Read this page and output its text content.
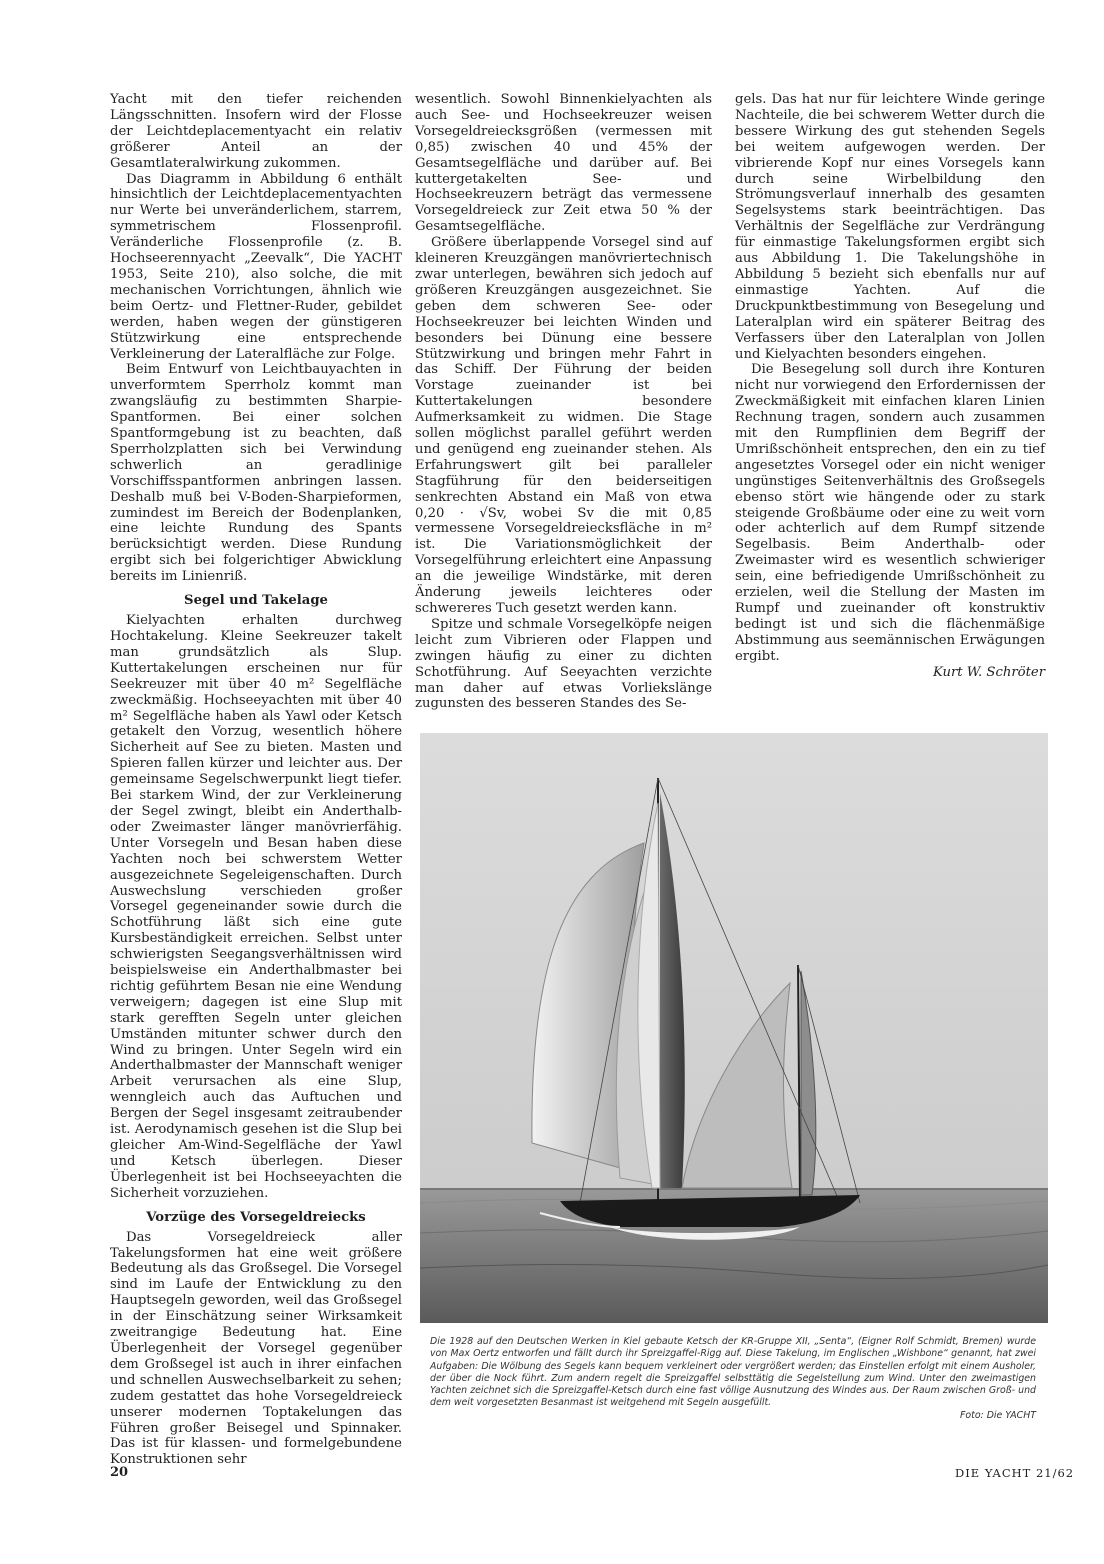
Yacht mit den tiefer reichenden Längsschnitten. Insofern wird der Flosse der Leichtdeplacementyacht ein relativ größerer Anteil an der Gesamtlateralwirkung zukommen.

Das Diagramm in Abbildung 6 enthält hinsichtlich der Leichtdeplacementyachten nur Werte bei unveränderlichem, starrem, symmetrischem Flossenprofil. Veränderliche Flossenprofile (z. B. Hochseerennyacht „Zeevalk“, Die YACHT 1953, Seite 210), also solche, die mit mechanischen Vorrichtungen, ähnlich wie beim Oertz- und Flettner-Ruder, gebildet werden, haben wegen der günstigeren Stützwirkung eine entsprechende Verkleinerung der Lateralfläche zur Folge.

Beim Entwurf von Leichtbauyachten in unverformtem Sperrholz kommt man zwangsläufig zu bestimmten Sharpie-Spantformen. Bei einer solchen Spantformgebung ist zu beachten, daß Sperrholzplatten sich bei Verwindung schwerlich an geradlinige Vorschiffsspantformen anbringen lassen. Deshalb muß bei V-Boden-Sharpieformen, zumindest im Bereich der Bodenplanken, eine leichte Rundung des Spants berücksichtigt werden. Diese Rundung ergibt sich bei folgerichtiger Abwicklung bereits im Linienriß.

Segel und Takelage

Kielyachten erhalten durchweg Hochtakelung. Kleine Seekreuzer takelt man grundsätzlich als Slup. Kuttertakelungen erscheinen nur für Seekreuzer mit über 40 m² Segelfläche zweckmäßig. Hochseeyachten mit über 40 m² Segelfläche haben als Yawl oder Ketsch getakelt den Vorzug, wesentlich höhere Sicherheit auf See zu bieten. Masten und Spieren fallen kürzer und leichter aus. Der gemeinsame Segelschwerpunkt liegt tiefer. Bei starkem Wind, der zur Verkleinerung der Segel zwingt, bleibt ein Anderthalb- oder Zweimaster länger manövrierfähig. Unter Vorsegeln und Besan haben diese Yachten noch bei schwerstem Wetter ausgezeichnete Segeleigenschaften. Durch Auswechslung verschieden großer Vorsegel gegeneinander sowie durch die Schotführung läßt sich eine gute Kursbeständigkeit erreichen. Selbst unter schwierigsten Seegangsverhältnissen wird beispielsweise ein Anderthalbmaster bei richtig geführtem Besan nie eine Wendung verweigern; dagegen ist eine Slup mit stark gerefften Segeln unter gleichen Umständen mitunter schwer durch den Wind zu bringen. Unter Segeln wird ein Anderthalbmaster der Mannschaft weniger Arbeit verursachen als eine Slup, wenngleich auch das Auftuchen und Bergen der Segel insgesamt zeitraubender ist. Aerodynamisch gesehen ist die Slup bei gleicher Am-Wind-Segelfläche der Yawl und Ketsch überlegen. Dieser Überlegenheit ist bei Hochseeyachten die Sicherheit vorzuziehen.

Vorzüge des Vorsegeldreiecks

Das Vorsegeldreieck aller Takelungsformen hat eine weit größere Bedeutung als das Großsegel. Die Vorsegel sind im Laufe der Entwicklung zu den Hauptsegeln geworden, weil das Großsegel in der Einschätzung seiner Wirksamkeit zweitrangige Bedeutung hat. Eine Überlegenheit der Vorsegel gegenüber dem Großsegel ist auch in ihrer einfachen und schnellen Auswechselbarkeit zu sehen; zudem gestattet das hohe Vorsegeldreieck unserer modernen Toptakelungen das Führen großer Beisegel und Spinnaker. Das ist für klassen- und formelgebundene Konstruktionen sehr

wesentlich. Sowohl Binnenkielyachten als auch See- und Hochseekreuzer weisen Vorsegeldreiecksgrößen (vermessen mit 0,85) zwischen 40 und 45% der Gesamtsegelfläche und darüber auf. Bei kuttergetakelten See- und Hochseekreuzern beträgt das vermessene Vorsegeldreieck zur Zeit etwa 50 % der Gesamtsegelfläche.

Größere überlappende Vorsegel sind auf kleineren Kreuzgängen manövriertechnisch zwar unterlegen, bewähren sich jedoch auf größeren Kreuzgängen ausgezeichnet. Sie geben dem schweren See- oder Hochseekreuzer bei leichten Winden und besonders bei Dünung eine bessere Stützwirkung und bringen mehr Fahrt in das Schiff. Der Führung der beiden Vorstage zueinander ist bei Kuttertakelungen besondere Aufmerksamkeit zu widmen. Die Stage sollen möglichst parallel geführt werden und genügend eng zueinander stehen. Als Erfahrungswert gilt bei paralleler Stagführung für den beiderseitigen senkrechten Abstand ein Maß von etwa 0,20 · √Sv, wobei Sv die mit 0,85 vermessene Vorsegeldreiecksfläche in m² ist. Die Variationsmöglichkeit der Vorsegelführung erleichtert eine Anpassung an die jeweilige Windstärke, mit deren Änderung jeweils leichteres oder schwereres Tuch gesetzt werden kann.

Spitze und schmale Vorsegelköpfe neigen leicht zum Vibrieren oder Flappen und zwingen häufig zu einer zu dichten Schotführung. Auf Seeyachten verzichte man daher auf etwas Vorliekslänge zugunsten des besseren Standes des Se-

gels. Das hat nur für leichtere Winde geringe Nachteile, die bei schwerem Wetter durch die bessere Wirkung des gut stehenden Segels bei weitem aufgewogen werden. Der vibrierende Kopf nur eines Vorsegels kann durch seine Wirbelbildung den Strömungsverlauf innerhalb des gesamten Segelsystems stark beeinträchtigen. Das Verhältnis der Segelfläche zur Verdrängung für einmastige Takelungsformen ergibt sich aus Abbildung 1. Die Takelungshöhe in Abbildung 5 bezieht sich ebenfalls nur auf einmastige Yachten. Auf die Druckpunktbestimmung von Besegelung und Lateralplan wird ein späterer Beitrag des Verfassers über den Lateralplan von Jollen und Kielyachten besonders eingehen.

Die Besegelung soll durch ihre Konturen nicht nur vorwiegend den Erfordernissen der Zweckmäßigkeit mit einfachen klaren Linien Rechnung tragen, sondern auch zusammen mit den Rumpflinien dem Begriff der Umrißschönheit entsprechen, den ein zu tief angesetztes Vorsegel oder ein nicht weniger ungünstiges Seitenverhältnis des Großsegels ebenso stört wie hängende oder zu stark steigende Großbäume oder eine zu weit vorn oder achterlich auf dem Rumpf sitzende Segelbasis. Beim Anderthalb- oder Zweimaster wird es wesentlich schwieriger sein, eine befriedigende Umrißschönheit zu erzielen, weil die Stellung der Masten im Rumpf und zueinander oft konstruktiv bedingt ist und sich die flächenmäßige Abstimmung aus seemännischen Erwägungen ergibt.

Kurt W. Schröter
Die 1928 auf den Deutschen Werken in Kiel gebaute Ketsch der KR-Gruppe XII, „Senta“, (Eigner Rolf Schmidt, Bremen) wurde von Max Oertz entworfen und fällt durch ihr Spreizgaffel-Rigg auf. Diese Takelung, im Englischen „Wishbone“ genannt, hat zwei Aufgaben: Die Wölbung des Segels kann bequem verkleinert oder vergrößert werden; das Einstellen erfolgt mit einem Ausholer, der über die Nock führt. Zum andern regelt die Spreizgaffel selbsttätig die Segelstellung zum Wind. Unter den zweimastigen Yachten zeichnet sich die Spreizgaffel-Ketsch durch eine fast völlige Ausnutzung des Windes aus. Der Raum zwischen Groß- und dem weit vorgesetzten Besanmast ist weitgehend mit Segeln ausgefüllt.
Foto: Die YACHT
20	DIE YACHT 21/62
